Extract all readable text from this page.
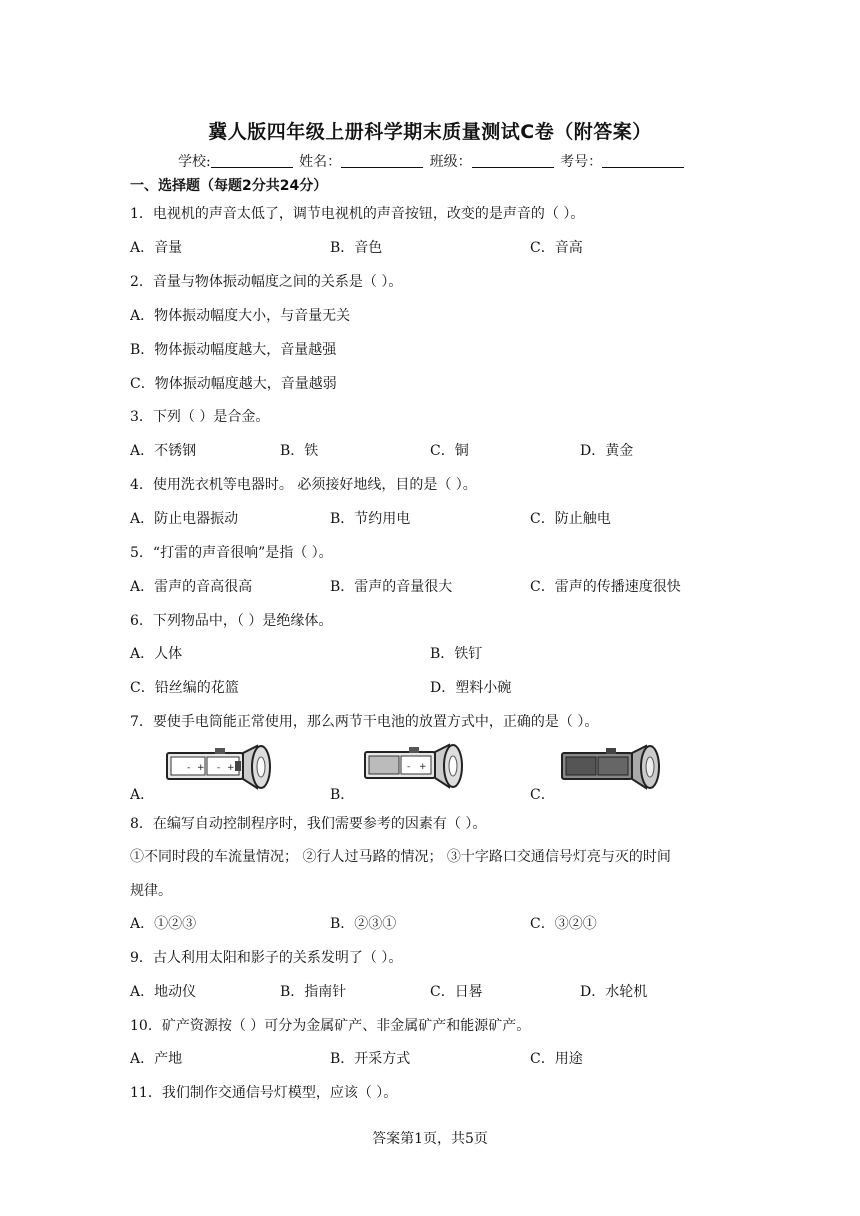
冀人版四年级上册科学期末质量测试C卷（附答案）
学校:	姓名：	班级：	考号：
一、选择题（每题2分共24分）
1．电视机的声音太低了，调节电视机的声音按钮，改变的是声音的（ ）。
A．音量	B．音色	C．音高
2．音量与物体振动幅度之间的关系是（ ）。
A．物体振动幅度大小，与音量无关
B．物体振动幅度越大，音量越强
C．物体振动幅度越大，音量越弱
3．下列（ ）是合金。
A．不锈钢	B．铁	C．铜	D．黄金
4．使用洗衣机等电器时。 必须接好地线，目的是（ ）。
A．防止电器振动	B．节约用电	C．防止触电
5．“打雷的声音很响”是指（ ）。
A．雷声的音高很高	B．雷声的音量很大	C．雷声的传播速度很快
6．下列物品中，（ ）是绝缘体。
A．人体	B．铁钉
C．铅丝编的花篮	D．塑料小碗
7．要使手电筒能正常使用，那么两节干电池的放置方式中，正确的是（ ）。
A．	B．	C．
- + - +	- +
8．在编写自动控制程序时，我们需要参考的因素有（ ）。
①不同时段的车流量情况； ②行人过马路的情况； ③十字路口交通信号灯亮与灭的时间
规律。
A．①②③	B．②③①	C．③②①
9．古人利用太阳和影子的关系发明了（ ）。
A．地动仪	B．指南针	C．日晷	D．水轮机
10．矿产资源按（ ）可分为金属矿产、非金属矿产和能源矿产。
A．产地	B．开采方式	C．用途
11．我们制作交通信号灯模型，应该（ ）。
答案第1页，共5页
